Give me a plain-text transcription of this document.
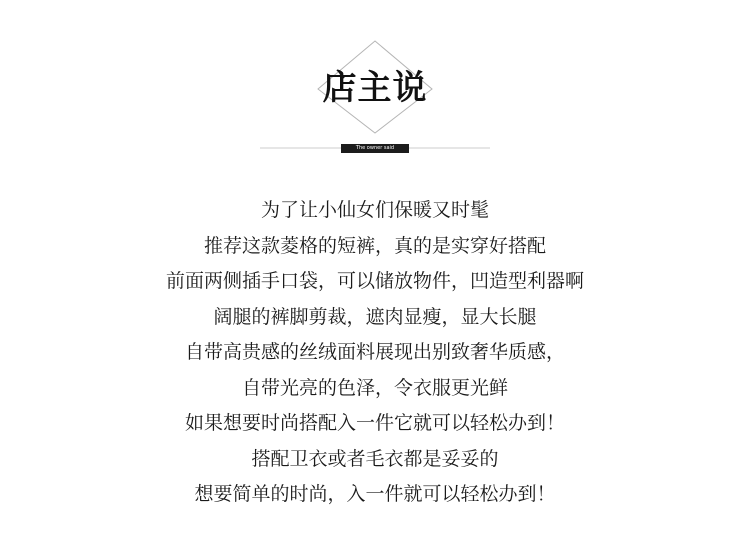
店主说
The owner said
为了让小仙女们保暖又时髦
推荐这款菱格的短裤，真的是实穿好搭配
前面两侧插手口袋，可以储放物件，凹造型利器啊
阔腿的裤脚剪裁，遮肉显瘦，显大长腿
自带高贵感的丝绒面料展现出别致奢华质感，
自带光亮的色泽，令衣服更光鲜
如果想要时尚搭配入一件它就可以轻松办到！
搭配卫衣或者毛衣都是妥妥的
想要简单的时尚，入一件就可以轻松办到！
